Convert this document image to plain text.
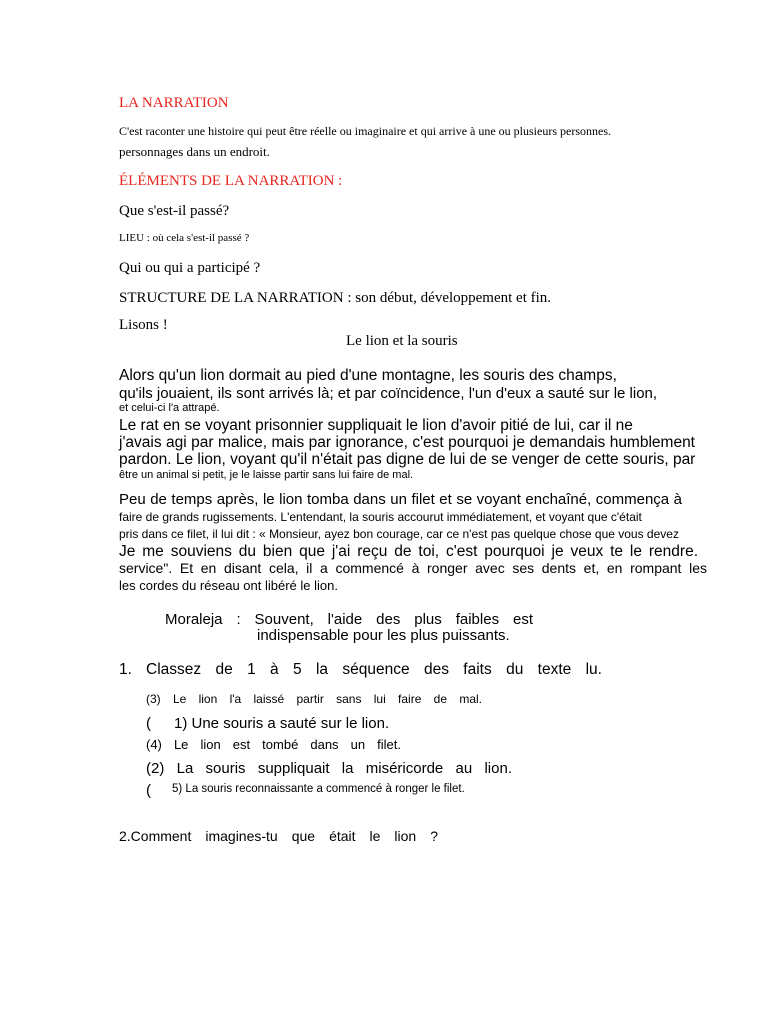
LA NARRATION
C'est raconter une histoire qui peut être réelle ou imaginaire et qui arrive à une ou plusieurs personnes.
personnages dans un endroit.
ÉLÉMENTS DE LA NARRATION :
Que s'est-il passé?
LIEU : où cela s'est-il passé ?
Qui ou qui a participé ?
STRUCTURE DE LA NARRATION : son début, développement et fin.
Lisons !
Le lion et la souris
Alors qu'un lion dormait au pied d'une montagne, les souris des champs,
qu'ils jouaient, ils sont arrivés là; et par coïncidence, l'un d'eux a sauté sur le lion,
et celui-ci l'a attrapé.
Le rat en se voyant prisonnier suppliquait le lion d'avoir pitié de lui, car il ne
j'avais agi par malice, mais par ignorance, c'est pourquoi je demandais humblement
pardon. Le lion, voyant qu'il n'était pas digne de lui de se venger de cette souris, par
être un animal si petit, je le laisse partir sans lui faire de mal.
Peu de temps après, le lion tomba dans un filet et se voyant enchaîné, commença à
faire de grands rugissements. L'entendant, la souris accourut immédiatement, et voyant que c'était
pris dans ce filet, il lui dit : « Monsieur, ayez bon courage, car ce n'est pas quelque chose que vous devez
Je me souviens du bien que j'ai reçu de toi, c'est pourquoi je veux te le rendre.
service". Et en disant cela, il a commencé à ronger avec ses dents et, en rompant les
les cordes du réseau ont libéré le lion.
Moraleja : Souvent, l'aide des plus faibles est
indispensable pour les plus puissants.
1. Classez de 1 à 5 la séquence des faits du texte lu.
(3) Le lion l'a laissé partir sans lui faire de mal.
( 1) Une souris a sauté sur le lion.
(4) Le lion est tombé dans un filet.
(2) La souris suppliquait la miséricorde au lion.
( 5) La souris reconnaissante a commencé à ronger le filet.
2.Comment imagines-tu que était le lion ?
